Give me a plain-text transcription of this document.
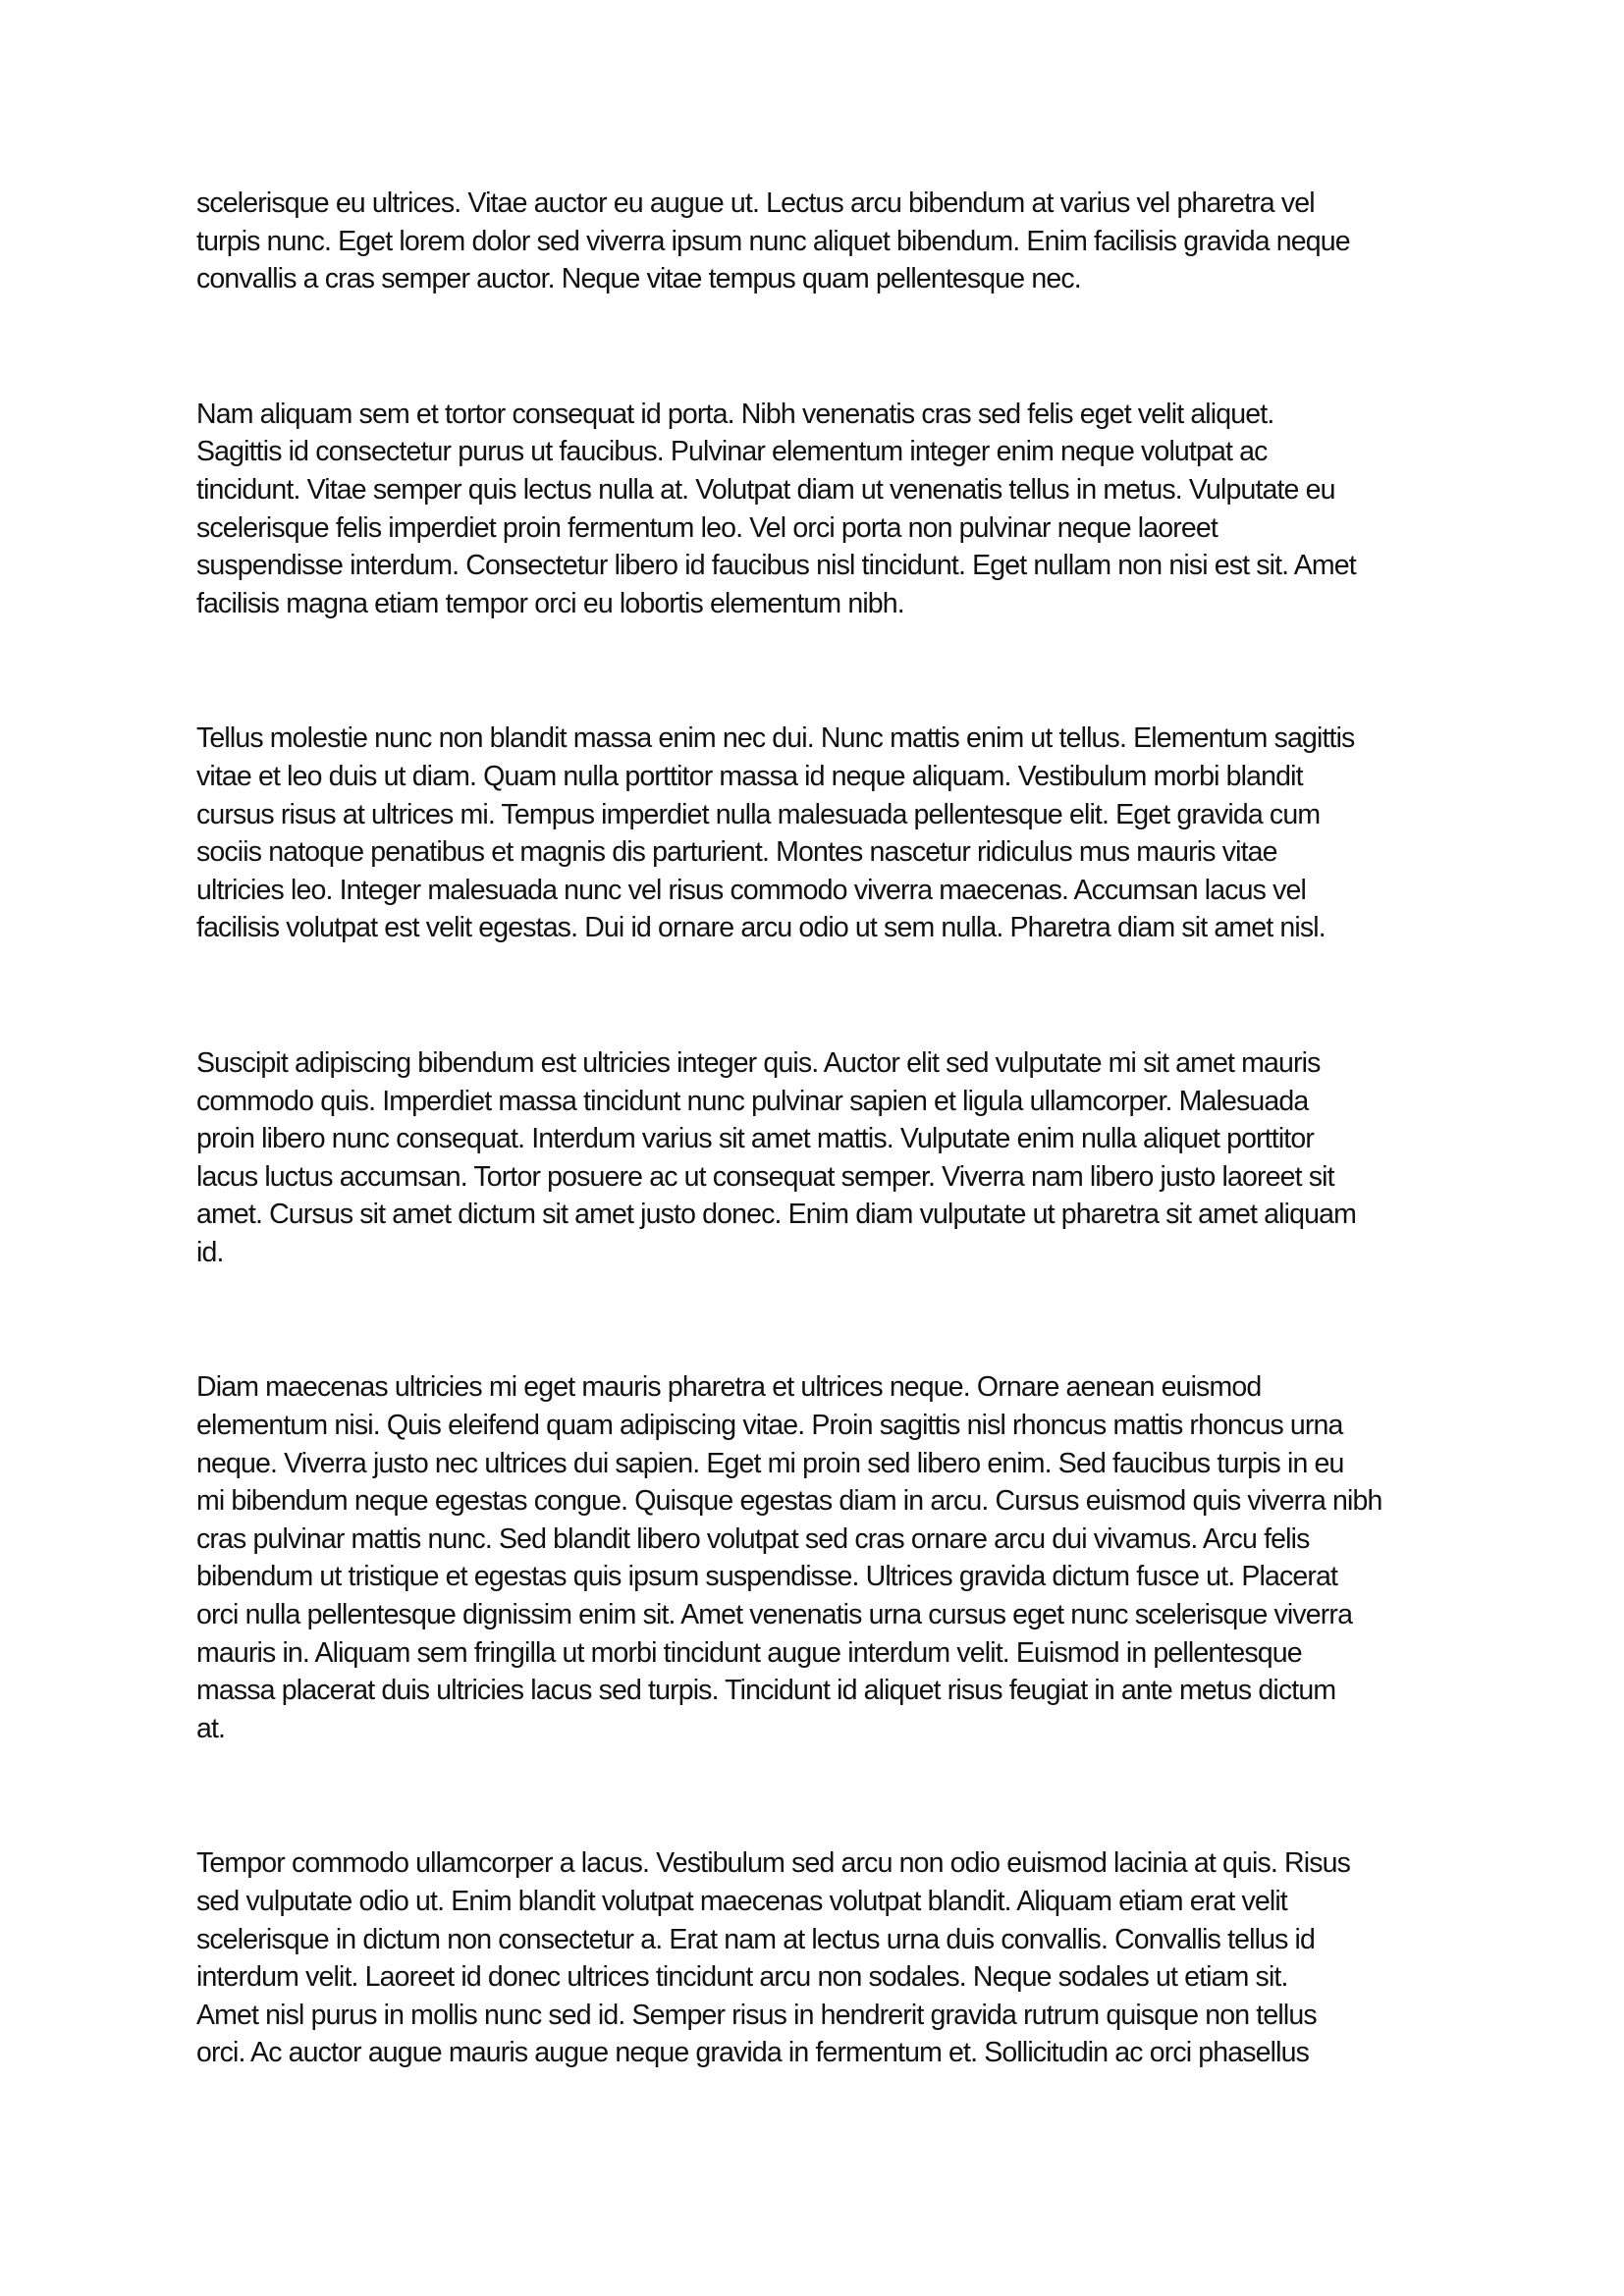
scelerisque eu ultrices. Vitae auctor eu augue ut. Lectus arcu bibendum at varius vel pharetra vel
turpis nunc. Eget lorem dolor sed viverra ipsum nunc aliquet bibendum. Enim facilisis gravida neque
convallis a cras semper auctor. Neque vitae tempus quam pellentesque nec.

Nam aliquam sem et tortor consequat id porta. Nibh venenatis cras sed felis eget velit aliquet.
Sagittis id consectetur purus ut faucibus. Pulvinar elementum integer enim neque volutpat ac
tincidunt. Vitae semper quis lectus nulla at. Volutpat diam ut venenatis tellus in metus. Vulputate eu
scelerisque felis imperdiet proin fermentum leo. Vel orci porta non pulvinar neque laoreet
suspendisse interdum. Consectetur libero id faucibus nisl tincidunt. Eget nullam non nisi est sit. Amet
facilisis magna etiam tempor orci eu lobortis elementum nibh.

Tellus molestie nunc non blandit massa enim nec dui. Nunc mattis enim ut tellus. Elementum sagittis
vitae et leo duis ut diam. Quam nulla porttitor massa id neque aliquam. Vestibulum morbi blandit
cursus risus at ultrices mi. Tempus imperdiet nulla malesuada pellentesque elit. Eget gravida cum
sociis natoque penatibus et magnis dis parturient. Montes nascetur ridiculus mus mauris vitae
ultricies leo. Integer malesuada nunc vel risus commodo viverra maecenas. Accumsan lacus vel
facilisis volutpat est velit egestas. Dui id ornare arcu odio ut sem nulla. Pharetra diam sit amet nisl.

Suscipit adipiscing bibendum est ultricies integer quis. Auctor elit sed vulputate mi sit amet mauris
commodo quis. Imperdiet massa tincidunt nunc pulvinar sapien et ligula ullamcorper. Malesuada
proin libero nunc consequat. Interdum varius sit amet mattis. Vulputate enim nulla aliquet porttitor
lacus luctus accumsan. Tortor posuere ac ut consequat semper. Viverra nam libero justo laoreet sit
amet. Cursus sit amet dictum sit amet justo donec. Enim diam vulputate ut pharetra sit amet aliquam
id.

Diam maecenas ultricies mi eget mauris pharetra et ultrices neque. Ornare aenean euismod
elementum nisi. Quis eleifend quam adipiscing vitae. Proin sagittis nisl rhoncus mattis rhoncus urna
neque. Viverra justo nec ultrices dui sapien. Eget mi proin sed libero enim. Sed faucibus turpis in eu
mi bibendum neque egestas congue. Quisque egestas diam in arcu. Cursus euismod quis viverra nibh
cras pulvinar mattis nunc. Sed blandit libero volutpat sed cras ornare arcu dui vivamus. Arcu felis
bibendum ut tristique et egestas quis ipsum suspendisse. Ultrices gravida dictum fusce ut. Placerat
orci nulla pellentesque dignissim enim sit. Amet venenatis urna cursus eget nunc scelerisque viverra
mauris in. Aliquam sem fringilla ut morbi tincidunt augue interdum velit. Euismod in pellentesque
massa placerat duis ultricies lacus sed turpis. Tincidunt id aliquet risus feugiat in ante metus dictum
at.

Tempor commodo ullamcorper a lacus. Vestibulum sed arcu non odio euismod lacinia at quis. Risus
sed vulputate odio ut. Enim blandit volutpat maecenas volutpat blandit. Aliquam etiam erat velit
scelerisque in dictum non consectetur a. Erat nam at lectus urna duis convallis. Convallis tellus id
interdum velit. Laoreet id donec ultrices tincidunt arcu non sodales. Neque sodales ut etiam sit.
Amet nisl purus in mollis nunc sed id. Semper risus in hendrerit gravida rutrum quisque non tellus
orci. Ac auctor augue mauris augue neque gravida in fermentum et. Sollicitudin ac orci phasellus
